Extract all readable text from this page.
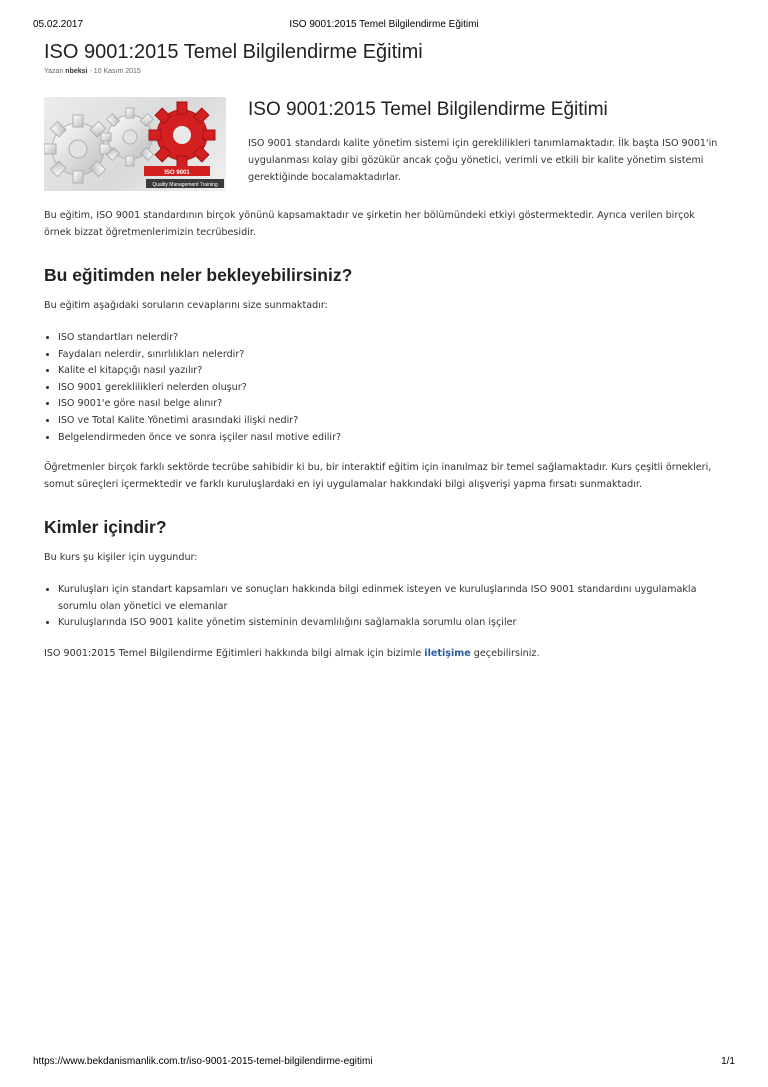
05.02.2017	ISO 9001:2015 Temel Bilgilendirme Eğitimi
ISO 9001:2015 Temel Bilgilendirme Eğitimi
Yazan nbeksi - 10 Kasım 2015
ISO 9001
Quality Management Training
ISO 9001:2015 Temel Bilgilendirme Eğitimi

ISO 9001 standardı kalite yönetim sistemi için gereklilikleri tanımlamaktadır. İlk başta ISO 9001'in uygulanması kolay gibi gözükür ancak çoğu yönetici, verimli ve etkili bir kalite yönetim sistemi gerektiğinde bocalamaktadırlar.

Bu eğitim, ISO 9001 standardının birçok yönünü kapsamaktadır ve şirketin her bölümündeki etkiyi göstermektedir. Ayrıca verilen birçok örnek bizzat öğretmenlerimizin tecrübesidir.

Bu eğitimden neler bekleyebilirsiniz?

Bu eğitim aşağıdaki soruların cevaplarını size sunmaktadır:

• ISO standartları nelerdir?
• Faydaları nelerdir, sınırlılıkları nelerdir?
• Kalite el kitapçığı nasıl yazılır?
• ISO 9001 gereklilikleri nelerden oluşur?
• ISO 9001'e göre nasıl belge alınır?
• ISO ve Total Kalite Yönetimi arasındaki ilişki nedir?
• Belgelendirmeden önce ve sonra işçiler nasıl motive edilir?

Öğretmenler birçok farklı sektörde tecrübe sahibidir ki bu, bir interaktif eğitim için inanılmaz bir temel sağlamaktadır. Kurs çeşitli örnekleri, somut süreçleri içermektedir ve farklı kuruluşlardaki en iyi uygulamalar hakkındaki bilgi alışverişi yapma fırsatı sunmaktadır.

Kimler içindir?

Bu kurs şu kişiler için uygundur:

• Kuruluşları için standart kapsamları ve sonuçları hakkında bilgi edinmek isteyen ve kuruluşlarında ISO 9001 standardını uygulamakla sorumlu olan yönetici ve elemanlar
• Kuruluşlarında ISO 9001 kalite yönetim sisteminin devamlılığını sağlamakla sorumlu olan işçiler

ISO 9001:2015 Temel Bilgilendirme Eğitimleri hakkında bilgi almak için bizimle iletişime geçebilirsiniz.

https://www.bekdanismanlik.com.tr/iso-9001-2015-temel-bilgilendirme-egitimi	1/1
